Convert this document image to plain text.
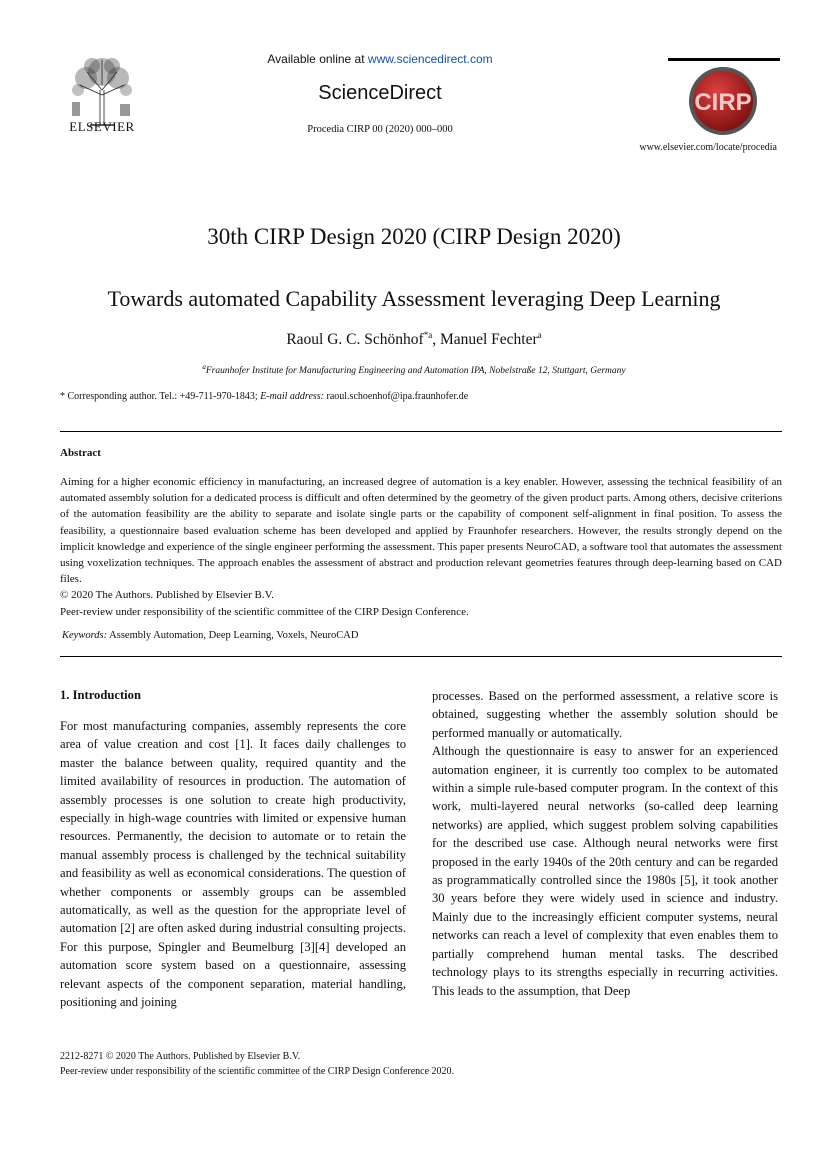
ELSEVIER
Available online at www.sciencedirect.com
ScienceDirect
Procedia CIRP 00 (2020) 000–000
CIRP
www.elsevier.com/locate/procedia
30th CIRP Design 2020 (CIRP Design 2020)
Towards automated Capability Assessment leveraging Deep Learning
Raoul G. C. Schönhof$^{*a}$, Manuel Fechter$^a$
$^a$Fraunhofer Institute for Manufacturing Engineering and Automation IPA, Nobelstraße 12, Stuttgart, Germany
* Corresponding author. Tel.: +49-711-970-1843; E-mail address: raoul.schoenhof@ipa.fraunhofer.de
Abstract

Aiming for a higher economic efficiency in manufacturing, an increased degree of automation is a key enabler. However, assessing the technical feasibility of an automated assembly solution for a dedicated process is difficult and often determined by the geometry of the given product parts. Among others, decisive criterions of the automation feasibility are the ability to separate and isolate single parts or the capability of component self-alignment in final position. To assess the feasibility, a questionnaire based evaluation scheme has been developed and applied by Fraunhofer researchers. However, the results strongly depend on the implicit knowledge and experience of the single engineer performing the assessment. This paper presents NeuroCAD, a software tool that automates the assessment using voxelization techniques. The approach enables the assessment of abstract and production relevant geometries features through deep-learning based on CAD files.

© 2020 The Authors. Published by Elsevier B.V.

Peer-review under responsibility of the scientific committee of the CIRP Design Conference.

Keywords: Assembly Automation, Deep Learning, Voxels, NeuroCAD
1. Introduction

For most manufacturing companies, assembly represents the core area of value creation and cost [1]. It faces daily challenges to master the balance between quality, required quantity and the limited availability of resources in production. The automation of assembly processes is one solution to create high productivity, especially in high-wage countries with limited or expensive human resources. Permanently, the decision to automate or to retain the manual assembly process is challenged by the technical suitability and feasibility as well as economical considerations. The question of whether components or assembly groups can be assembled automatically, as well as the question for the appropriate level of automation [2] are often asked during industrial consulting projects. For this purpose, Spingler and Beumelburg [3][4] developed an automation score system based on a questionnaire, assessing relevant aspects of the component separation, material handling, positioning and joining

processes. Based on the performed assessment, a relative score is obtained, suggesting whether the assembly solution should be performed manually or automatically.

Although the questionnaire is easy to answer for an experienced automation engineer, it is currently too complex to be automated within a simple rule-based computer program. In the context of this work, multi-layered neural networks (so-called deep learning networks) are applied, which suggest problem solving capabilities for the described use case. Although neural networks were first proposed in the early 1940s of the 20th century and can be regarded as programmatically controlled since the 1980s [5], it took another 30 years before they were widely used in science and industry. Mainly due to the increasingly efficient computer systems, neural networks can reach a level of complexity that even enables them to partially comprehend human mental tasks. The described technology plays to its strengths especially in recurring activities. This leads to the assumption, that Deep

2212-8271 © 2020 The Authors. Published by Elsevier B.V.
Peer-review under responsibility of the scientific committee of the CIRP Design Conference 2020.
